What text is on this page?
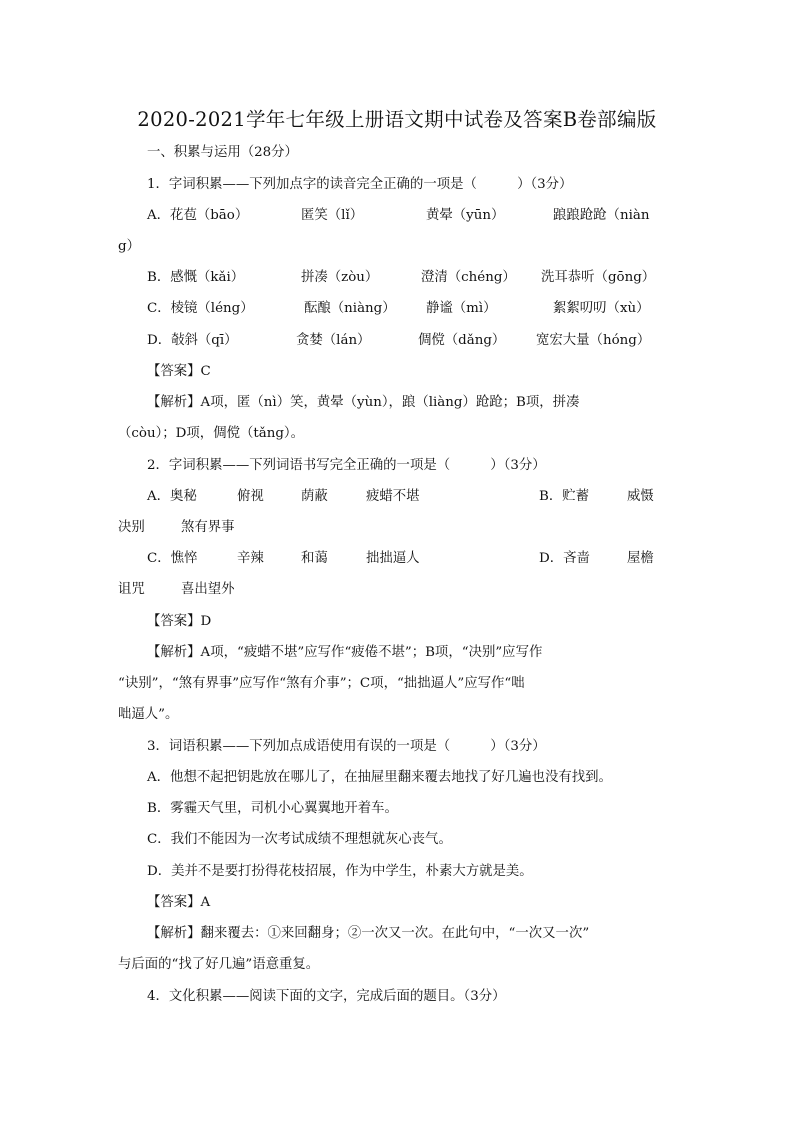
2020-2021学年七年级上册语文期中试卷及答案B卷部编版
一、积累与运用（28分）
1．字词积累——下列加点字的读音完全正确的一项是（　　　）（3分）
A．花苞（bāo）	匿笑（lǐ）	黄晕（yūn）	踉踉跄跄（niàn
g）
B．感慨（kǎi）	拼凑（zòu）	澄清（chéng） 洗耳恭听（gōng）
C．棱镜（léng）	酝酿（niàng） 静谧（mì）	絮絮叨叨（xù）
D．敧斜（qī）	贪婪（lán）	倜傥（dǎng） 宽宏大量（hóng）
【答案】C
【解析】A项，匿（nì）笑，黄晕（yùn），踉（liàng）跄跄；B项，拼凑
（còu）；D项，倜傥（tǎng）。
2．字词积累——下列词语书写完全正确的一项是（　　　）（3分）
A．奥秘	俯视	荫蔽	疲蜡不堪	B．贮蓄	威慑
决别	煞有界事
C．憔悴	辛辣	和蔼	拙拙逼人	D．吝啬	屋檐
诅咒	喜出望外
【答案】D
【解析】A项，“疲蜡不堪”应写作“疲倦不堪”；B项，“决别”应写作
“诀别”，“煞有界事”应写作“煞有介事”；C项，“拙拙逼人”应写作“咄
咄逼人”。
3．词语积累——下列加点成语使用有误的一项是（　　　）（3分）
A．他想不起把钥匙放在哪儿了，在抽屉里翻来覆去地找了好几遍也没有找到。
B．雾霾天气里，司机小心翼翼地开着车。
C．我们不能因为一次考试成绩不理想就灰心丧气。
D．美并不是要打扮得花枝招展，作为中学生，朴素大方就是美。
【答案】A
【解析】翻来覆去：①来回翻身；②一次又一次。在此句中，“一次又一次”
与后面的“找了好几遍”语意重复。
4．文化积累——阅读下面的文字，完成后面的题目。（3分）
